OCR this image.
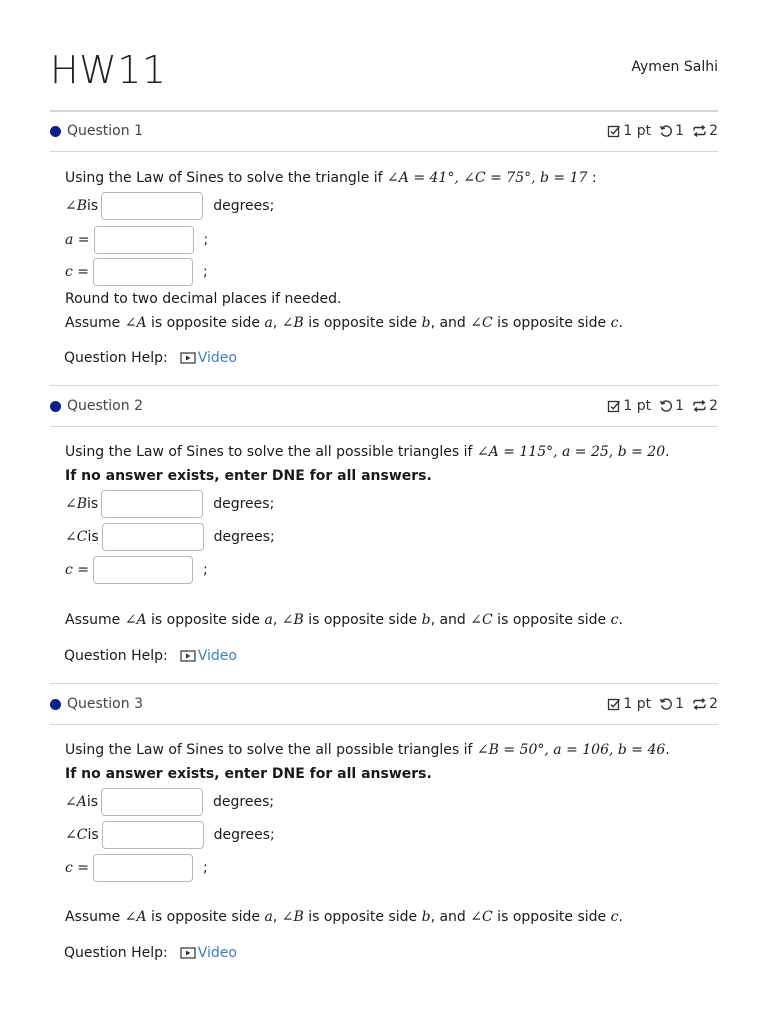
HW11	Aymen Salhi
Question 1	1 pt 1 2
Using the Law of Sines to solve the triangle if ∠A = 41°, ∠C = 75°, b = 17 :
∠B is	degrees;
a =	;
c =	;
Round to two decimal places if needed.
Assume ∠A is opposite side a, ∠B is opposite side b, and ∠C is opposite side c.
Question Help: Video
Question 2	1 pt 1 2
Using the Law of Sines to solve the all possible triangles if ∠A = 115°, a = 25, b = 20.
If no answer exists, enter DNE for all answers.
∠B is	degrees;
∠C is	degrees;
c =	;
Assume ∠A is opposite side a, ∠B is opposite side b, and ∠C is opposite side c.
Question Help: Video
Question 3	1 pt 1 2
Using the Law of Sines to solve the all possible triangles if ∠B = 50°, a = 106, b = 46.
If no answer exists, enter DNE for all answers.
∠A is	degrees;
∠C is	degrees;
c =	;
Assume ∠A is opposite side a, ∠B is opposite side b, and ∠C is opposite side c.
Question Help: Video
